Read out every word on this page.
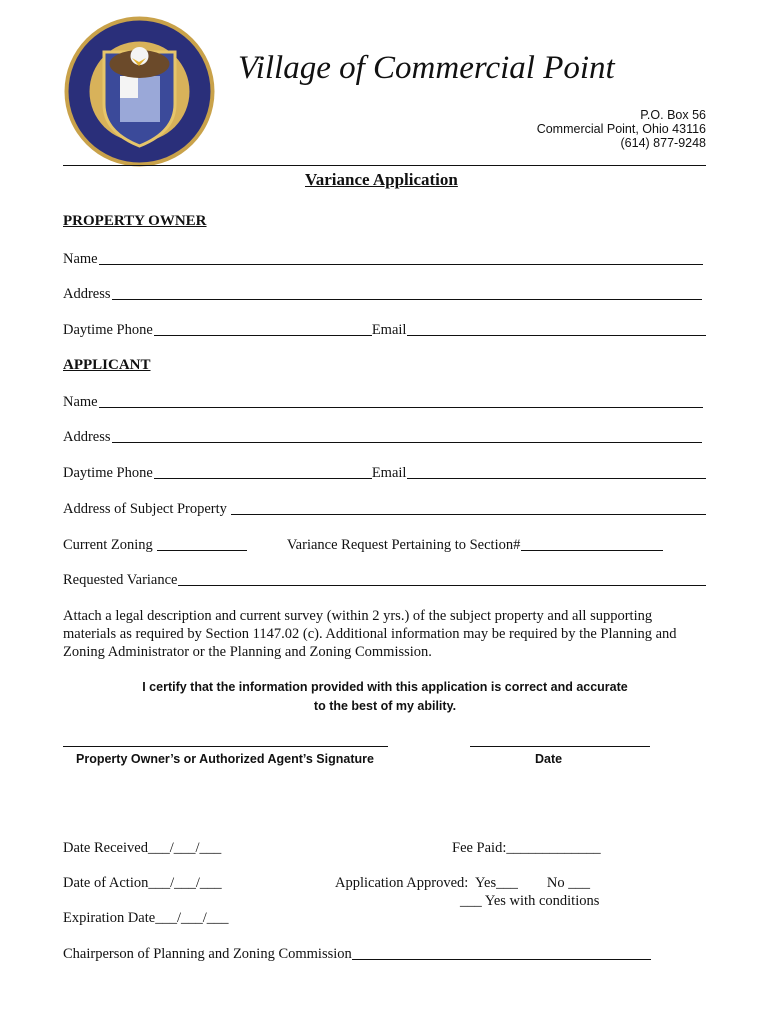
Village of Commercial Point
P.O. Box 56
Commercial Point, Ohio 43116
(614) 877-9248
Variance Application
PROPERTY OWNER
Name
Address
Daytime Phone	Email
APPLICANT
Name
Address
Daytime Phone	Email
Address of Subject Property
Current Zoning	Variance Request Pertaining to Section#
Requested Variance
Attach a legal description and current survey (within 2 yrs.) of the subject property and all supporting materials as required by Section 1147.02 (c). Additional information may be required by the Planning and Zoning Administrator or the Planning and Zoning Commission.
I certify that the information provided with this application is correct and accurate
to the best of my ability.
Property Owner’s or Authorized Agent’s Signature	Date
Date Received___/___/___	Fee Paid:_____________
Date of Action___/___/___	Application Approved:  Yes___        No ___
___ Yes with conditions
Expiration Date___/___/___
Chairperson of Planning and Zoning Commission
